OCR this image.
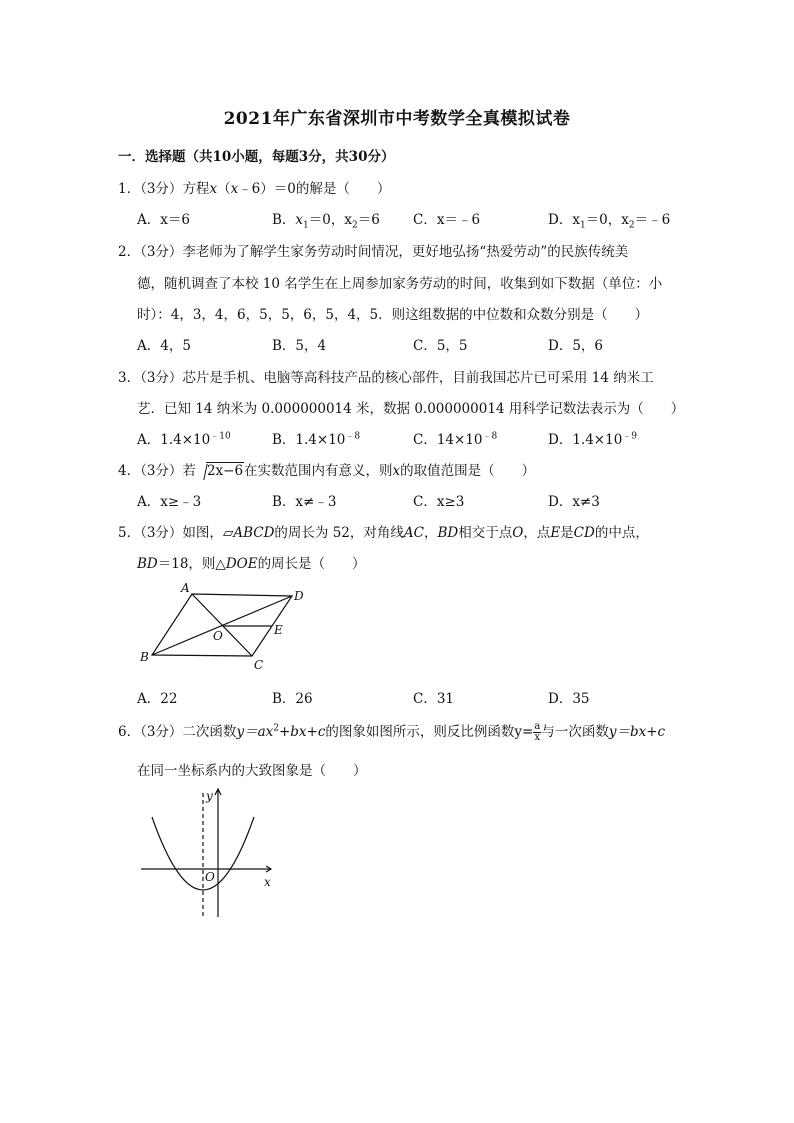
2021年广东省深圳市中考数学全真模拟试卷
一．选择题（共10小题，每题3分，共30分）
1．（3分）方程x（x﹣6）＝0的解是（　　）
A．x＝6	B．$x_1=0$，$x_2=6$ C．x＝﹣6	D．$x_1=0$，$x_2=﹣6$
2．（3分）李老师为了解学生家务劳动时间情况，更好地弘扬“热爱劳动”的民族传统美
德，随机调查了本校 10 名学生在上周参加家务劳动的时间，收集到如下数据（单位：小
时）：4，3，4，6，5，5，6，5，4，5．则这组数据的中位数和众数分别是（　　）
A．4，5	B．5，4	C．5，5	D．5，6
3．（3分）芯片是手机、电脑等高科技产品的核心部件，目前我国芯片已可采用 14 纳米工
艺．已知 14 纳米为 0.000000014 米，数据 0.000000014 用科学记数法表示为（　　）
A．$1.4\times 10^{﹣10}$	B．$1.4\times 10^{﹣8}$	C．$14\times 10^{﹣8}$	D．$1.4\times 10^{﹣9}$
4．（3分）若 2x−6在实数范围内有意义，则x的取值范围是（　　）
A．x≥﹣3	B．x≠﹣3	C．x≥3	D．x≠3
5．（3分）如图，▱ABCD的周长为 52，对角线AC，BD相交于点O，点E是CD的中点，
BD＝18，则△DOE的周长是（　　）
A
D
E
O
B
C
A．22	B．26	C．31	D．35
6．（3分）二次函数$y=ax^2+bx+c$的图象如图所示，则反比例函数$y= \frac{a}{x}$ 与一次函数y＝bx+c
在同一坐标系内的大致图象是（　　）
y
x
O
